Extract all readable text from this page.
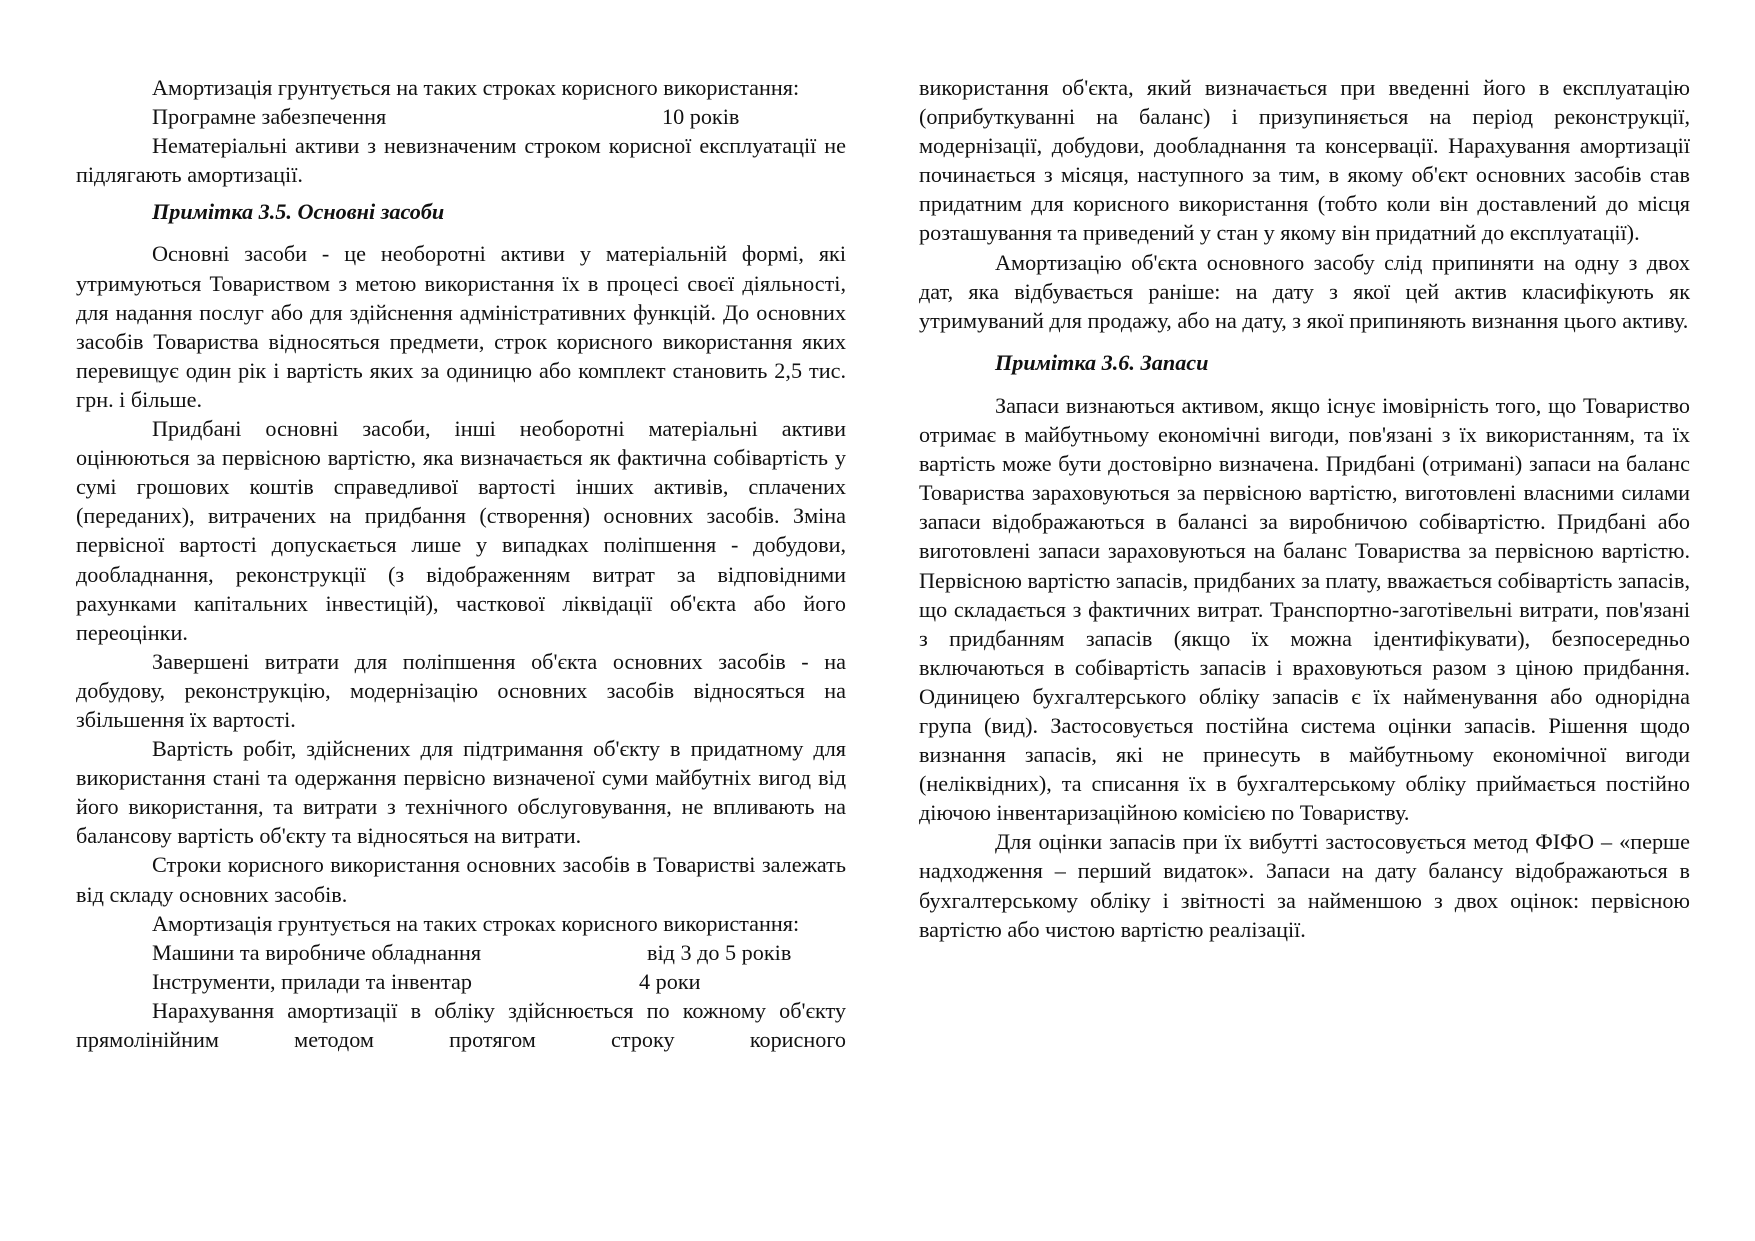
Амортизація грунтується на таких строках корисного використання:

Програмне забезпечення	10 років

Нематеріальні активи з невизначеним строком корисної експлуатації не підлягають амортизації.

Примітка 3.5. Основні засоби

Основні засоби - це необоротні активи у матеріальній формі, які утримуються Товариством з метою використання їх в процесі своєї діяльності, для надання послуг або для здійснення адміністративних функцій. До основних засобів Товариства відносяться предмети, строк корисного використання яких перевищує один рік і вартість яких за одиницю або комплект становить 2,5 тис. грн. і більше.

Придбані основні засоби, інші необоротні матеріальні активи оцінюються за первісною вартістю, яка визначається як фактична собівартість у сумі грошових коштів справедливої вартості інших активів, сплачених (переданих), витрачених на придбання (створення) основних засобів. Зміна первісної вартості допускається лише у випадках поліпшення - добудови, дообладнання, реконструкції (з відображенням витрат за відповідними рахунками капітальних інвестицій), часткової ліквідації об'єкта або його переоцінки.

Завершені витрати для поліпшення об'єкта основних засобів - на добудову, реконструкцію, модернізацію основних засобів відносяться на збільшення їх вартості.

Вартість робіт, здійснених для підтримання об'єкту в придатному для використання стані та одержання первісно визначеної суми майбутніх вигод від його використання, та витрати з технічного обслуговування, не впливають на балансову вартість об'єкту та відносяться на витрати.

Строки корисного використання основних засобів в Товаристві залежать від складу основних засобів.

Амортизація грунтується на таких строках корисного використання:

Машини та виробниче обладнання	від 3 до 5 років
Інструменти, прилади та інвентар	4 роки

Нарахування амортизації в обліку здійснюється по кожному об'єкту прямолінійним методом протягом строку корисного

використання об'єкта, який визначається при введенні його в експлуатацію (оприбуткуванні на баланс) і призупиняється на період реконструкції, модернізації, добудови, дообладнання та консервації. Нарахування амортизації починається з місяця, наступного за тим, в якому об'єкт основних засобів став придатним для корисного використання (тобто коли він доставлений до місця розташування та приведений у стан у якому він придатний до експлуатації).

Амортизацію об'єкта основного засобу слід припиняти на одну з двох дат, яка відбувається раніше: на дату з якої цей актив класифікують як утримуваний для продажу, або на дату, з якої припиняють визнання цього активу.

Примітка 3.6. Запаси

Запаси визнаються активом, якщо існує імовірність того, що Товариство отримає в майбутньому економічні вигоди, пов'язані з їх використанням, та їх вартість може бути достовірно визначена. Придбані (отримані) запаси на баланс Товариства зараховуються за первісною вартістю, виготовлені власними силами запаси відображаються в балансі за виробничою собівартістю. Придбані або виготовлені запаси зараховуються на баланс Товариства за первісною вартістю. Первісною вартістю запасів, придбаних за плату, вважається собівартість запасів, що складається з фактичних витрат. Транспортно-заготівельні витрати, пов'язані з придбанням запасів (якщо їх можна ідентифікувати), безпосередньо включаються в собівартість запасів і враховуються разом з ціною придбання. Одиницею бухгалтерського обліку запасів є їх найменування або однорідна група (вид). Застосовується постійна система оцінки запасів. Рішення щодо визнання запасів, які не принесуть в майбутньому економічної вигоди (неліквідних), та списання їх в бухгалтерському обліку приймається постійно діючою інвентаризаційною комісією по Товариству.

Для оцінки запасів при їх вибутті застосовується метод ФІФО – «перше надходження – перший видаток». Запаси на дату балансу відображаються в бухгалтерському обліку і звітності за найменшою з двох оцінок: первісною вартістю або чистою вартістю реалізації.
